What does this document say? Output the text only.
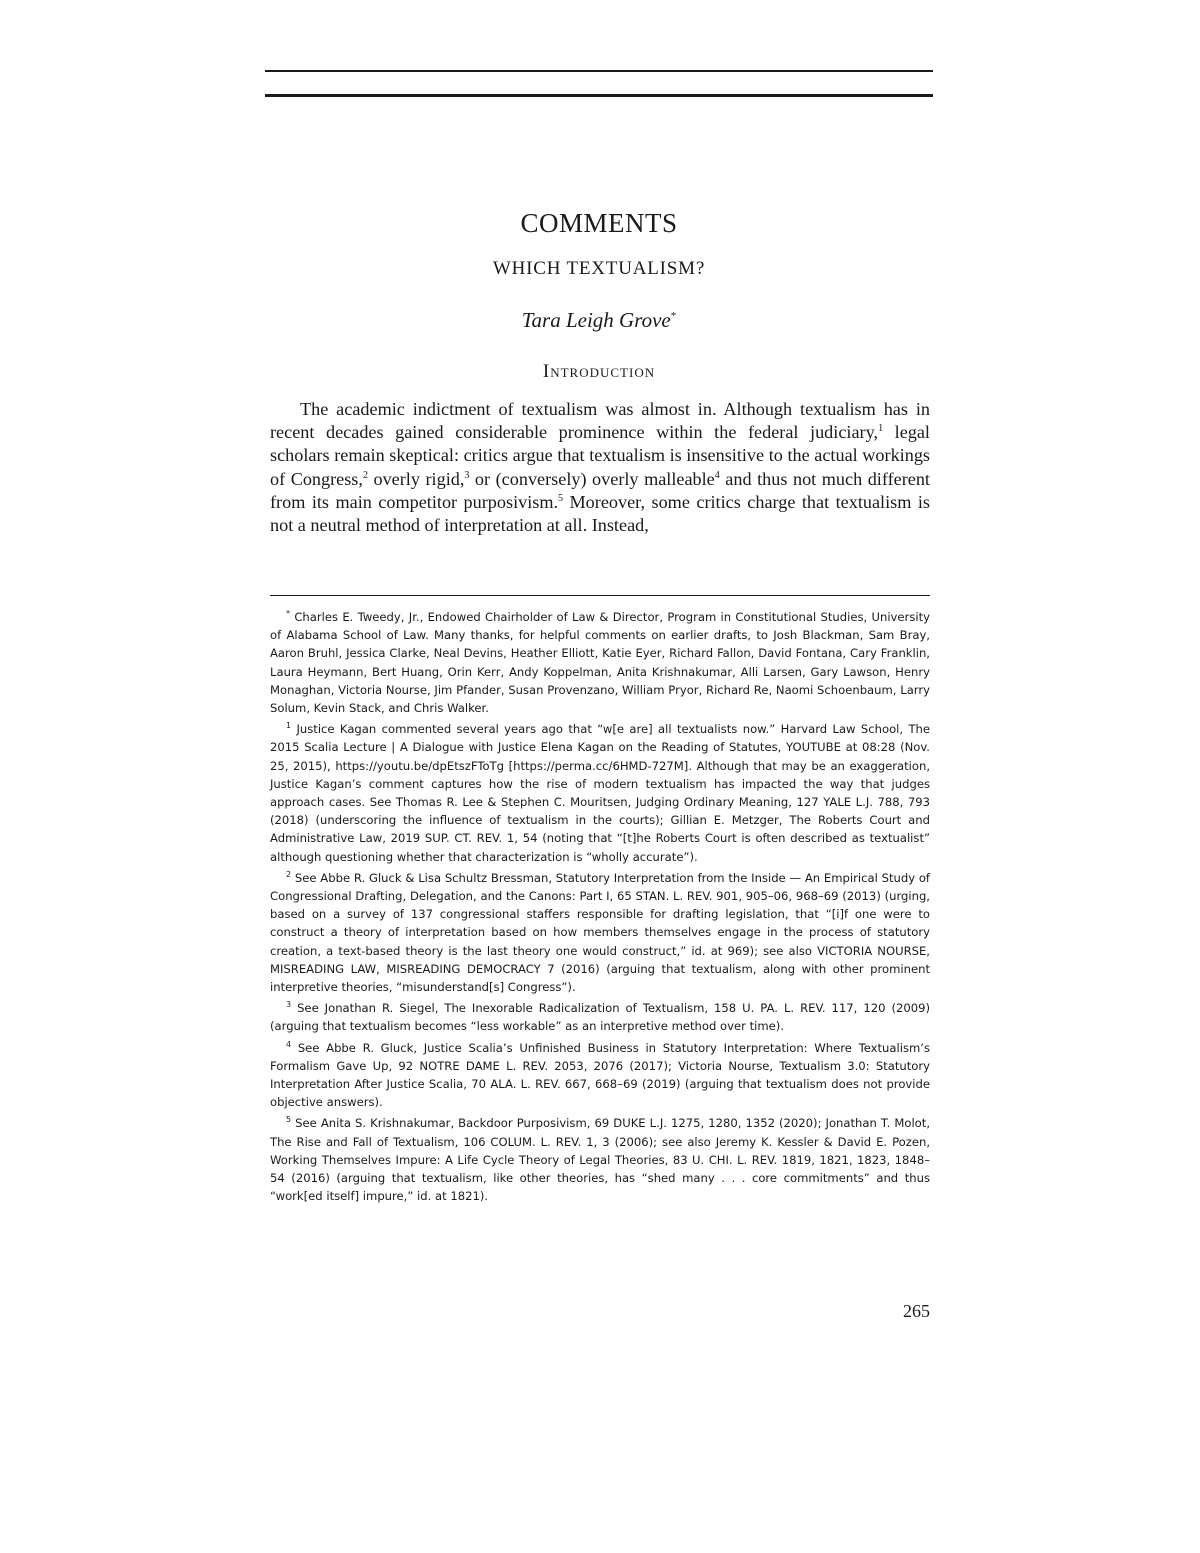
COMMENTS
WHICH TEXTUALISM?
Tara Leigh Grove*
Introduction

The academic indictment of textualism was almost in. Although textualism has in recent decades gained considerable prominence within the federal judiciary,$^1$ legal scholars remain skeptical: critics argue that textualism is insensitive to the actual workings of Congress,$^2$ overly rigid,$^3$ or (conversely) overly malleable$^4$ and thus not much different from its main competitor purposivism.$^5$ Moreover, some critics charge that textualism is not a neutral method of interpretation at all. Instead,

* Charles E. Tweedy, Jr., Endowed Chairholder of Law & Director, Program in Constitutional Studies, University of Alabama School of Law. Many thanks, for helpful comments on earlier drafts, to Josh Blackman, Sam Bray, Aaron Bruhl, Jessica Clarke, Neal Devins, Heather Elliott, Katie Eyer, Richard Fallon, David Fontana, Cary Franklin, Laura Heymann, Bert Huang, Orin Kerr, Andy Koppelman, Anita Krishnakumar, Alli Larsen, Gary Lawson, Henry Monaghan, Victoria Nourse, Jim Pfander, Susan Provenzano, William Pryor, Richard Re, Naomi Schoenbaum, Larry Solum, Kevin Stack, and Chris Walker.

$^1$ Justice Kagan commented several years ago that “w[e are] all textualists now.” Harvard Law School, The 2015 Scalia Lecture | A Dialogue with Justice Elena Kagan on the Reading of Statutes, YOUTUBE at 08:28 (Nov. 25, 2015), https://youtu.be/dpEtszFToTg [https://perma.cc/6HMD-727M]. Although that may be an exaggeration, Justice Kagan’s comment captures how the rise of modern textualism has impacted the way that judges approach cases. See Thomas R. Lee & Stephen C. Mouritsen, Judging Ordinary Meaning, 127 YALE L.J. 788, 793 (2018) (underscoring the influence of textualism in the courts); Gillian E. Metzger, The Roberts Court and Administrative Law, 2019 SUP. CT. REV. 1, 54 (noting that “[t]he Roberts Court is often described as textualist” although questioning whether that characterization is “wholly accurate”).

$^2$ See Abbe R. Gluck & Lisa Schultz Bressman, Statutory Interpretation from the Inside — An Empirical Study of Congressional Drafting, Delegation, and the Canons: Part I, 65 STAN. L. REV. 901, 905–06, 968–69 (2013) (urging, based on a survey of 137 congressional staffers responsible for drafting legislation, that “[i]f one were to construct a theory of interpretation based on how members themselves engage in the process of statutory creation, a text-based theory is the last theory one would construct,” id. at 969); see also VICTORIA NOURSE, MISREADING LAW, MISREADING DEMOCRACY 7 (2016) (arguing that textualism, along with other prominent interpretive theories, “misunderstand[s] Congress”).

$^3$ See Jonathan R. Siegel, The Inexorable Radicalization of Textualism, 158 U. PA. L. REV. 117, 120 (2009) (arguing that textualism becomes “less workable” as an interpretive method over time).

$^4$ See Abbe R. Gluck, Justice Scalia’s Unfinished Business in Statutory Interpretation: Where Textualism’s Formalism Gave Up, 92 NOTRE DAME L. REV. 2053, 2076 (2017); Victoria Nourse, Textualism 3.0: Statutory Interpretation After Justice Scalia, 70 ALA. L. REV. 667, 668–69 (2019) (arguing that textualism does not provide objective answers).

$^5$ See Anita S. Krishnakumar, Backdoor Purposivism, 69 DUKE L.J. 1275, 1280, 1352 (2020); Jonathan T. Molot, The Rise and Fall of Textualism, 106 COLUM. L. REV. 1, 3 (2006); see also Jeremy K. Kessler & David E. Pozen, Working Themselves Impure: A Life Cycle Theory of Legal Theories, 83 U. CHI. L. REV. 1819, 1821, 1823, 1848–54 (2016) (arguing that textualism, like other theories, has “shed many . . . core commitments” and thus “work[ed itself] impure,” id. at 1821).

265
